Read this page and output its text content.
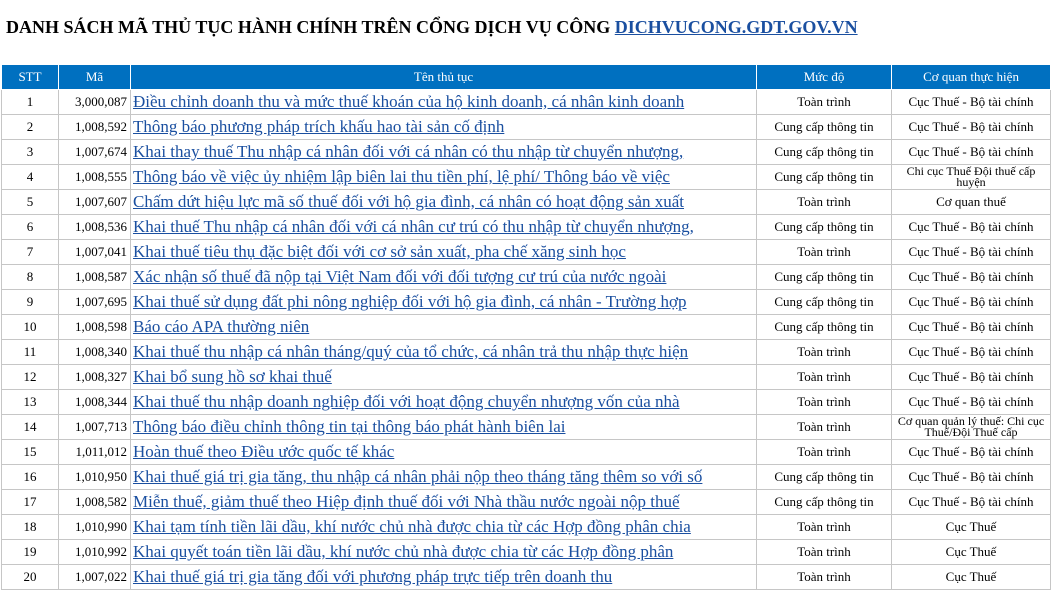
DANH SÁCH MÃ THỦ TỤC HÀNH CHÍNH TRÊN CỔNG DỊCH VỤ CÔNG DICHVUCONG.GDT.GOV.VN
STT	Mã	Tên thủ tục	Mức độ	Cơ quan thực hiện
1	3,000,087	Điều chỉnh doanh thu và mức thuế khoán của hộ kinh doanh, cá nhân kinh doanh	Toàn trình	Cục Thuế - Bộ tài chính
2	1,008,592	Thông báo phương pháp trích khấu hao tài sản cố định	Cung cấp thông tin	Cục Thuế - Bộ tài chính
3	1,007,674	Khai thay thuế Thu nhập cá nhân đối với cá nhân có thu nhập từ chuyển nhượng,	Cung cấp thông tin	Cục Thuế - Bộ tài chính
4	1,008,555	Thông báo về việc ủy nhiệm lập biên lai thu tiền phí, lệ phí/ Thông báo về việc	Cung cấp thông tin	Chi cục Thuế Đội thuế cấp huyện
5	1,007,607	Chấm dứt hiệu lực mã số thuế đối với hộ gia đình, cá nhân có hoạt động sản xuất	Toàn trình	Cơ quan thuế
6	1,008,536	Khai thuế Thu nhập cá nhân đối với cá nhân cư trú có thu nhập từ chuyển nhượng,	Cung cấp thông tin	Cục Thuế - Bộ tài chính
7	1,007,041	Khai thuế tiêu thụ đặc biệt đối với cơ sở sản xuất, pha chế xăng sinh học	Toàn trình	Cục Thuế - Bộ tài chính
8	1,008,587	Xác nhận số thuế đã nộp tại Việt Nam đối với đối tượng cư trú của nước ngoài	Cung cấp thông tin	Cục Thuế - Bộ tài chính
9	1,007,695	Khai thuế sử dụng đất phi nông nghiệp đối với hộ gia đình, cá nhân - Trường hợp	Cung cấp thông tin	Cục Thuế - Bộ tài chính
10	1,008,598	Báo cáo APA thường niên	Cung cấp thông tin	Cục Thuế - Bộ tài chính
11	1,008,340	Khai thuế thu nhập cá nhân tháng/quý của tổ chức, cá nhân trả thu nhập thực hiện	Toàn trình	Cục Thuế - Bộ tài chính
12	1,008,327	Khai bổ sung hồ sơ khai thuế	Toàn trình	Cục Thuế - Bộ tài chính
13	1,008,344	Khai thuế thu nhập doanh nghiệp đối với hoạt động chuyển nhượng vốn của nhà	Toàn trình	Cục Thuế - Bộ tài chính
14	1,007,713	Thông báo điều chỉnh thông tin tại thông báo phát hành biên lai	Toàn trình	Cơ quan quản lý thuế: Chi cục Thuế/Đội Thuế cấp
15	1,011,012	Hoàn thuế theo Điều ước quốc tế khác	Toàn trình	Cục Thuế - Bộ tài chính
16	1,010,950	Khai thuế giá trị gia tăng, thu nhập cá nhân phải nộp theo tháng tăng thêm so với số	Cung cấp thông tin	Cục Thuế - Bộ tài chính
17	1,008,582	Miễn thuế, giảm thuế theo Hiệp định thuế đối với Nhà thầu nước ngoài nộp thuế	Cung cấp thông tin	Cục Thuế - Bộ tài chính
18	1,010,990	Khai tạm tính tiền lãi dầu, khí nước chủ nhà được chia từ các Hợp đồng phân chia	Toàn trình	Cục Thuế
19	1,010,992	Khai quyết toán tiền lãi dầu, khí nước chủ nhà được chia từ các Hợp đồng phân	Toàn trình	Cục Thuế
20	1,007,022	Khai thuế giá trị gia tăng đối với phương pháp trực tiếp trên doanh thu	Toàn trình	Cục Thuế
